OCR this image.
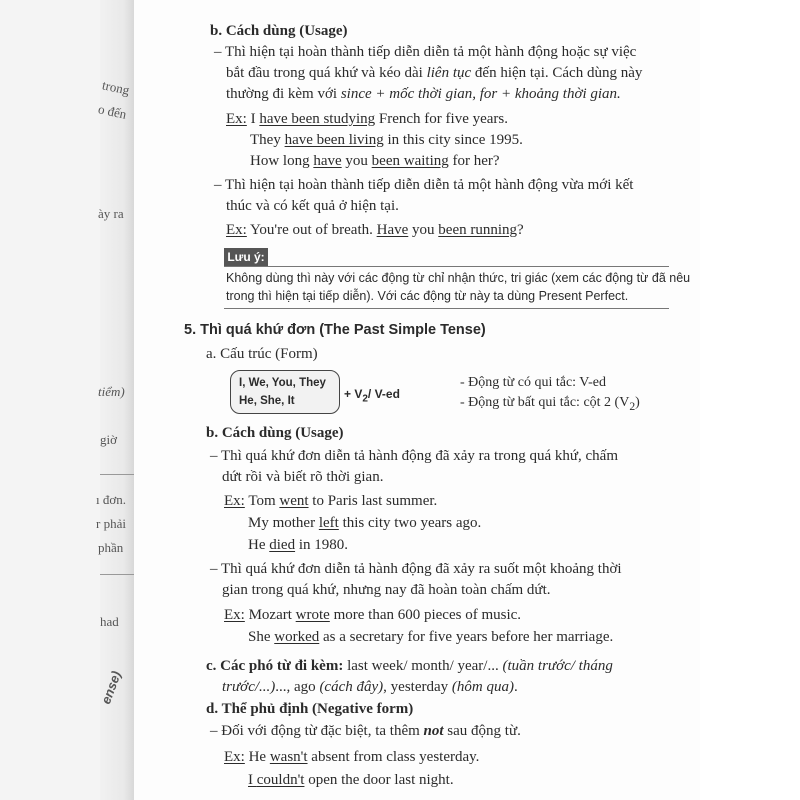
trong
o đến
ày ra
tiểm)
giờ
ı đơn.
r phải
phần
had
ense)
b. Cách dùng (Usage)
– Thì hiện tại hoàn thành tiếp diễn diễn tả một hành động hoặc sự việc
bắt đầu trong quá khứ và kéo dài liên tục đến hiện tại. Cách dùng này
thường đi kèm với since + mốc thời gian, for + khoảng thời gian.
Ex: I have been studying French for five years.
They have been living in this city since 1995.
How long have you been waiting for her?
– Thì hiện tại hoàn thành tiếp diễn diễn tả một hành động vừa mới kết
thúc và có kết quả ở hiện tại.
Ex: You're out of breath. Have you been running?
Lưu ý:
Không dùng thì này với các động từ chỉ nhận thức, tri giác (xem các động từ đã nêu
trong thì hiện tại tiếp diễn). Với các động từ này ta dùng Present Perfect.
5. Thì quá khứ đơn (The Past Simple Tense)
a. Cấu trúc (Form)
I, We, You, They
He, She, It	+ $V_2/$ V-ed
- Động từ có qui tắc: V-ed
- Động từ bất qui tắc: cột 2 $(V_2)$
b. Cách dùng (Usage)
– Thì quá khứ đơn diễn tả hành động đã xảy ra trong quá khứ, chấm
dứt rồi và biết rõ thời gian.
Ex: Tom went to Paris last summer.
My mother left this city two years ago.
He died in 1980.
– Thì quá khứ đơn diễn tả hành động đã xảy ra suốt một khoảng thời
gian trong quá khứ, nhưng nay đã hoàn toàn chấm dứt.
Ex: Mozart wrote more than 600 pieces of music.
She worked as a secretary for five years before her marriage.
c. Các phó từ đi kèm: last week/ month/ year/... (tuần trước/ tháng
trước/...)..., ago (cách đây), yesterday (hôm qua).
d. Thể phủ định (Negative form)
– Đối với động từ đặc biệt, ta thêm not sau động từ.
Ex: He wasn't absent from class yesterday.
I couldn't open the door last night.
